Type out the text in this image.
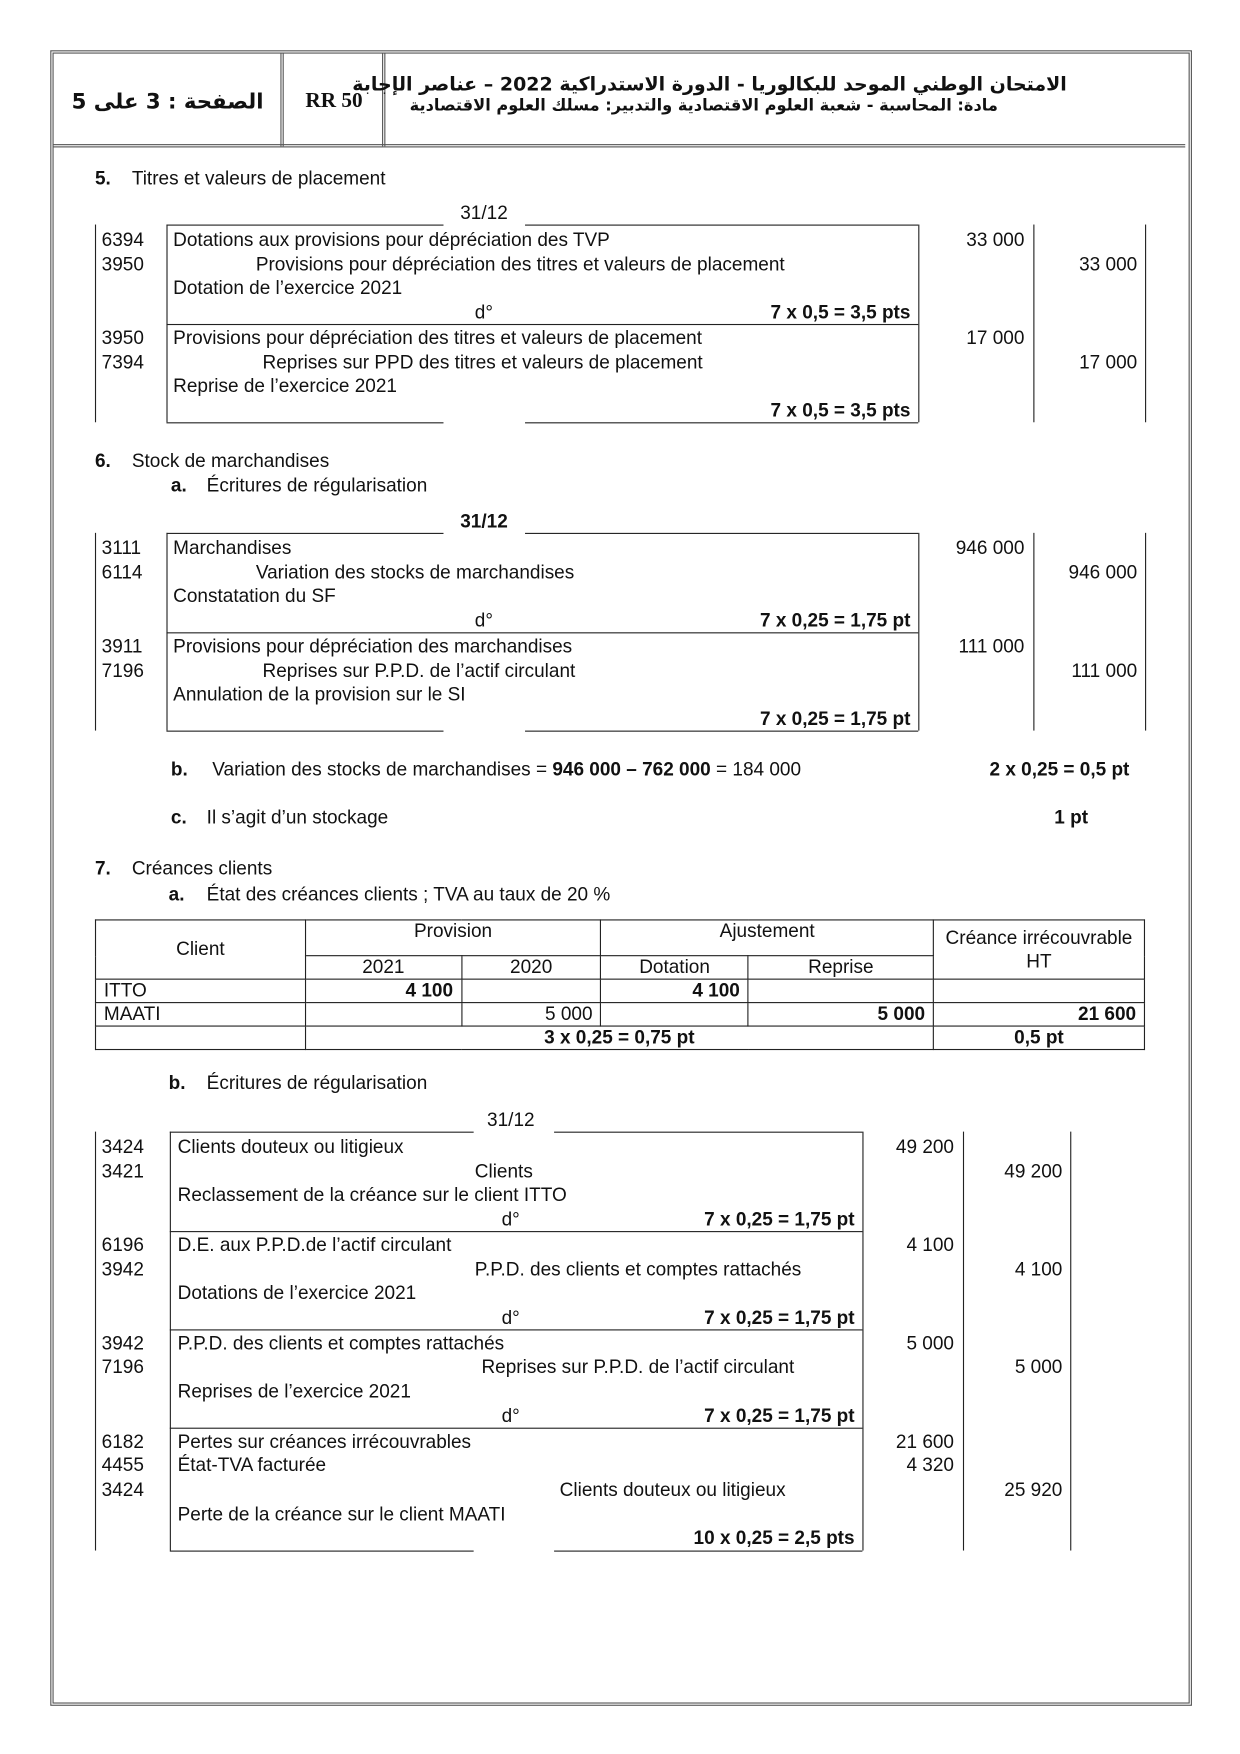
الصفحة : 3 على 5	RR 50
الامتحان الوطني الموحد للبكالوريا - الدورة الاستدراكية 2022 – عناصر الإجابة
مادة: المحاسبة - شعبة العلوم الاقتصادية والتدبير: مسلك العلوم الاقتصادية
5. Titres et valeurs de placement
31/12
6394 Dotations aux provisions pour dépréciation des TVP	33 000
3950	Provisions pour dépréciation des titres et valeurs de placement	33 000
Dotation de l’exercice 2021
d°	7 x 0,5 = 3,5 pts
3950 Provisions pour dépréciation des titres et valeurs de placement	17 000
7394	Reprises sur PPD des titres et valeurs de placement	17 000
Reprise de l’exercice 2021
7 x 0,5 = 3,5 pts
6. Stock de marchandises
a. Écritures de régularisation
31/12
3111 Marchandises	946 000
6114	Variation des stocks de marchandises	946 000
Constatation du SF
d°	7 x 0,25 = 1,75 pt
3911 Provisions pour dépréciation des marchandises	111 000
7196	Reprises sur P.P.D. de l’actif circulant	111 000
Annulation de la provision sur le SI
7 x 0,25 = 1,75 pt
b. Variation des stocks de marchandises = 946 000 – 762 000 = 184 000	2 x 0,25 = 0,5 pt
c. Il s’agit d’un stockage	1 pt
7. Créances clients
a. État des créances clients ; TVA au taux de 20 %
Client	Provision		Ajustement		Créance irrécouvrable HT
	2021	2020	Dotation	Reprise	
ITTO	4 100		4 100		
MAATI		5 000		5 000	21 600
	3 x 0,25 = 0,75 pt				0,5 pt
b. Écritures de régularisation
31/12
3424 Clients douteux ou litigieux	49 200
3421	Clients	49 200
Reclassement de la créance sur le client ITTO
d°	7 x 0,25 = 1,75 pt
6196 D.E. aux P.P.D.de l’actif circulant	4 100
3942	P.P.D. des clients et comptes rattachés	4 100
Dotations de l’exercice 2021
d°	7 x 0,25 = 1,75 pt
3942 P.P.D. des clients et comptes rattachés	5 000
7196	Reprises sur P.P.D. de l’actif circulant	5 000
Reprises de l’exercice 2021
d°	7 x 0,25 = 1,75 pt
6182 Pertes sur créances irrécouvrables	21 600
4455 État-TVA facturée	4 320
3424	Clients douteux ou litigieux	25 920
Perte de la créance sur le client MAATI
10 x 0,25 = 2,5 pts
